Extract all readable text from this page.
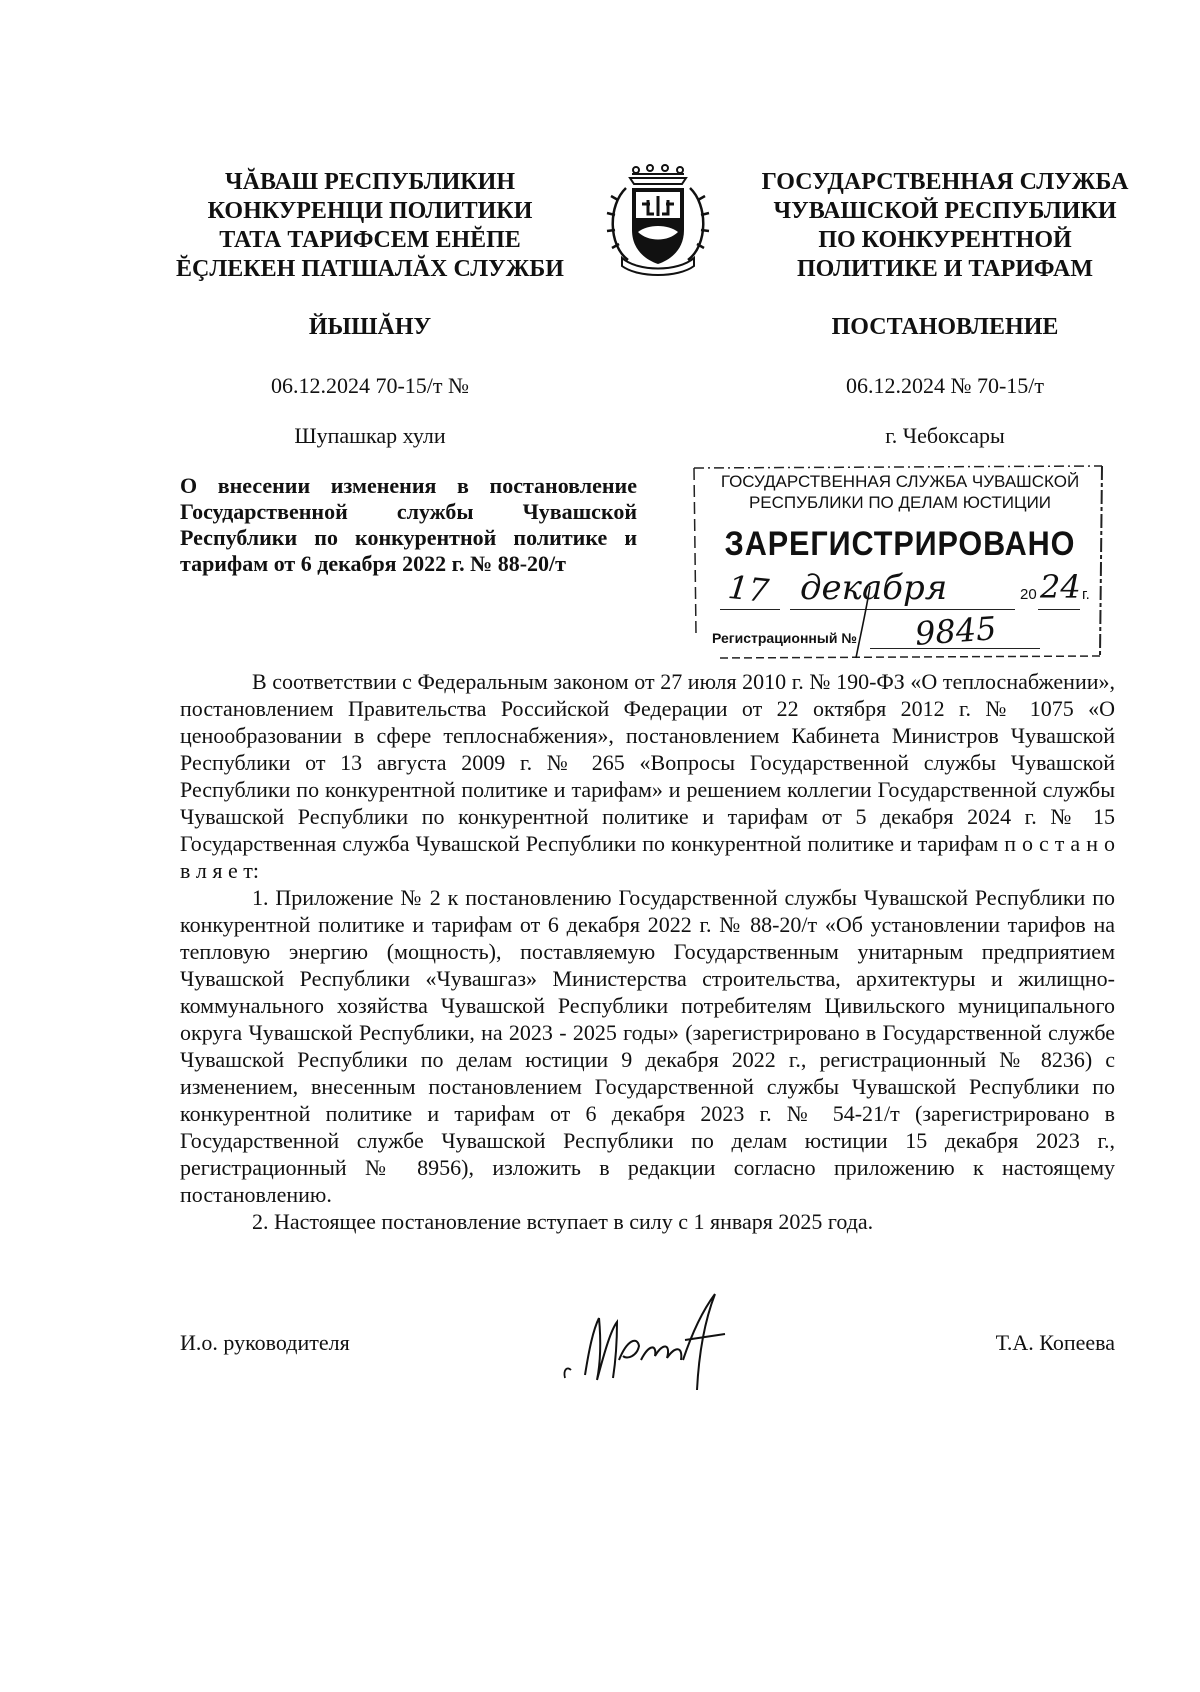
ЧĂВАШ РЕСПУБЛИКИН
КОНКУРЕНЦИ ПОЛИТИКИ
ТАТА ТАРИФСЕМ ЕНĔПЕ
ĔÇЛЕКЕН ПАТШАЛĂХ СЛУЖБИ
ГОСУДАРСТВЕННАЯ СЛУЖБА
ЧУВАШСКОЙ РЕСПУБЛИКИ
ПО КОНКУРЕНТНОЙ
ПОЛИТИКЕ И ТАРИФАМ
ЙЫШĂНУ	ПОСТАНОВЛЕНИЕ
06.12.2024 70-15/т №	06.12.2024 № 70-15/т
Шупашкар хули	г. Чебоксары
О внесении изменения в постановление Государственной службы Чувашской Республики по конкурентной политике и тарифам от 6 декабря 2022 г. № 88-20/т
ГОСУДАРСТВЕННАЯ СЛУЖБА ЧУВАШСКОЙ
РЕСПУБЛИКИ ПО ДЕЛАМ ЮСТИЦИИ
ЗАРЕГИСТРИРОВАНО
17 декабря	20 24 г.
Регистрационный № 9845

В соответствии с Федеральным законом от 27 июля 2010 г. № 190-ФЗ «О теплоснабжении», постановлением Правительства Российской Федерации от 22 октября 2012 г. № 1075 «О ценообразовании в сфере теплоснабжения», постановлением Кабинета Министров Чувашской Республики от 13 августа 2009 г. № 265 «Вопросы Государственной службы Чувашской Республики по конкурентной политике и тарифам» и решением коллегии Государственной службы Чувашской Республики по конкурентной политике и тарифам от 5 декабря 2024 г. № 15 Государственная служба Чувашской Республики по конкурентной политике и тарифам п о с т а н о в л я е т:

1. Приложение № 2 к постановлению Государственной службы Чувашской Республики по конкурентной политике и тарифам от 6 декабря 2022 г. № 88-20/т «Об установлении тарифов на тепловую энергию (мощность), поставляемую Государственным унитарным предприятием Чувашской Республики «Чувашгаз» Министерства строительства, архитектуры и жилищно-коммунального хозяйства Чувашской Республики потребителям Цивильского муниципального округа Чувашской Республики, на 2023 - 2025 годы» (зарегистрировано в Государственной службе Чувашской Республики по делам юстиции 9 декабря 2022 г., регистрационный № 8236) с изменением, внесенным постановлением Государственной службы Чувашской Республики по конкурентной политике и тарифам от 6 декабря 2023 г. № 54-21/т (зарегистрировано в Государственной службе Чувашской Республики по делам юстиции 15 декабря 2023 г., регистрационный № 8956), изложить в редакции согласно приложению к настоящему постановлению.

2. Настоящее постановление вступает в силу с 1 января 2025 года.

И.о. руководителя	Т.А. Копеева
